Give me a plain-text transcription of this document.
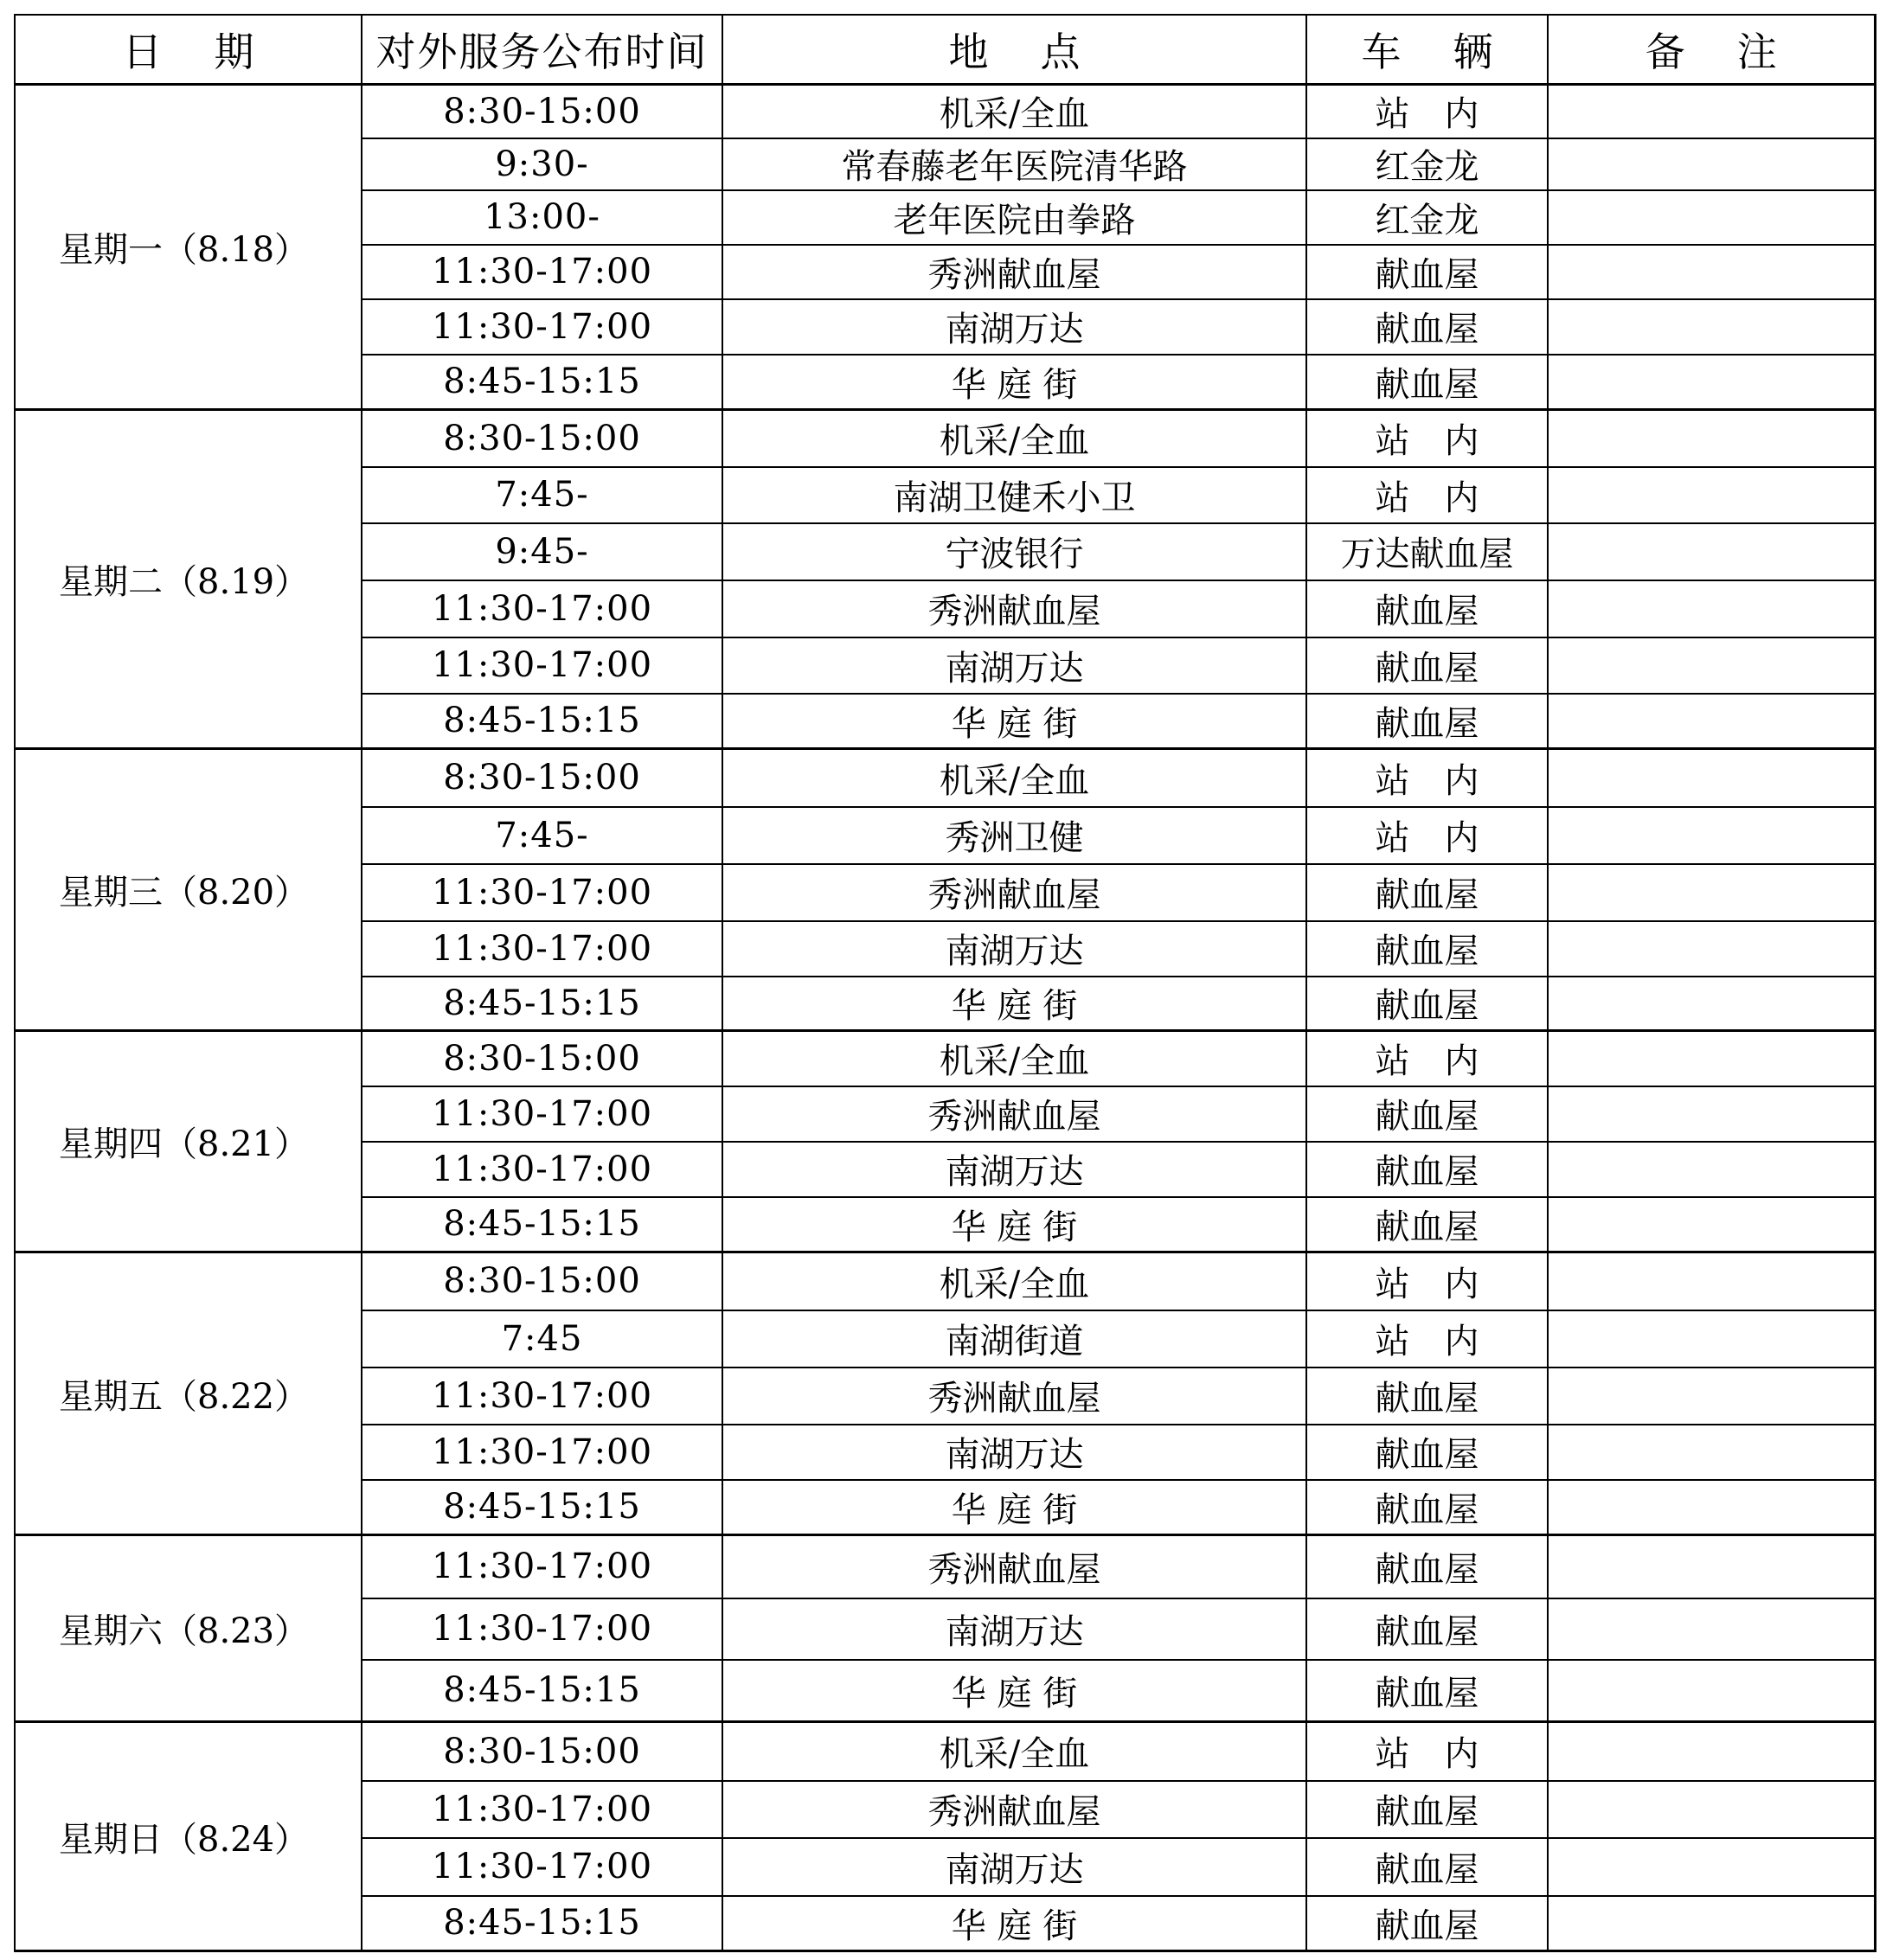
日期	对外服务公布时间	地点	车辆	备注
星期一（8.18）	8:30-15:00	机采/全血	站　内	
	9:30-	常春藤老年医院清华路	红金龙	
	13:00-	老年医院由拳路	红金龙	
	11:30-17:00	秀洲献血屋	献血屋	
	11:30-17:00	南湖万达	献血屋	
	8:45-15:15	华 庭 街	献血屋	
星期二（8.19）	8:30-15:00	机采/全血	站　内	
	7:45-	南湖卫健禾小卫	站　内	
	9:45-	宁波银行	万达献血屋	
	11:30-17:00	秀洲献血屋	献血屋	
	11:30-17:00	南湖万达	献血屋	
	8:45-15:15	华 庭 街	献血屋	
星期三（8.20）	8:30-15:00	机采/全血	站　内	
	7:45-	秀洲卫健	站　内	
	11:30-17:00	秀洲献血屋	献血屋	
	11:30-17:00	南湖万达	献血屋	
	8:45-15:15	华 庭 街	献血屋	
星期四（8.21）	8:30-15:00	机采/全血	站　内	
	11:30-17:00	秀洲献血屋	献血屋	
	11:30-17:00	南湖万达	献血屋	
	8:45-15:15	华 庭 街	献血屋	
星期五（8.22）	8:30-15:00	机采/全血	站　内	
	7:45	南湖街道	站　内	
	11:30-17:00	秀洲献血屋	献血屋	
	11:30-17:00	南湖万达	献血屋	
	8:45-15:15	华 庭 街	献血屋	
星期六（8.23）	11:30-17:00	秀洲献血屋	献血屋	
	11:30-17:00	南湖万达	献血屋	
	8:45-15:15	华 庭 街	献血屋	
星期日（8.24）	8:30-15:00	机采/全血	站　内	
	11:30-17:00	秀洲献血屋	献血屋	
	11:30-17:00	南湖万达	献血屋	
	8:45-15:15	华 庭 街	献血屋	
